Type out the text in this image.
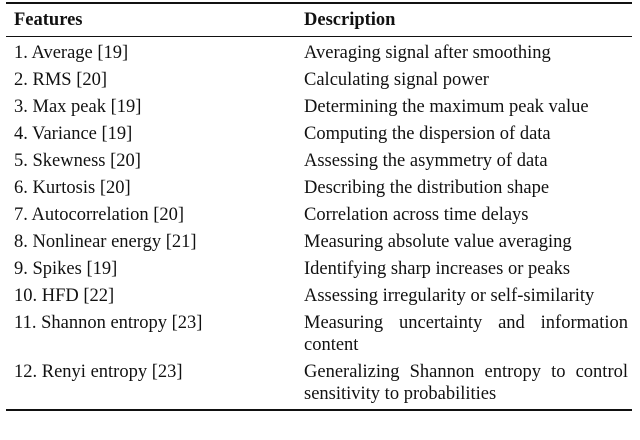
Features	Description
1. Average [19]	Averaging signal after smoothing
2. RMS [20]	Calculating signal power
3. Max peak [19]	Determining the maximum peak value
4. Variance [19]	Computing the dispersion of data
5. Skewness [20]	Assessing the asymmetry of data
6. Kurtosis [20]	Describing the distribution shape
7. Autocorrelation [20]	Correlation across time delays
8. Nonlinear energy [21]	Measuring absolute value averaging
9. Spikes [19]	Identifying sharp increases or peaks
10. HFD [22]	Assessing irregularity or self-similarity
11. Shannon entropy [23]	Measuring uncertainty and information content
12. Renyi entropy [23]	Generalizing Shannon entropy to control sensitivity to probabilities
